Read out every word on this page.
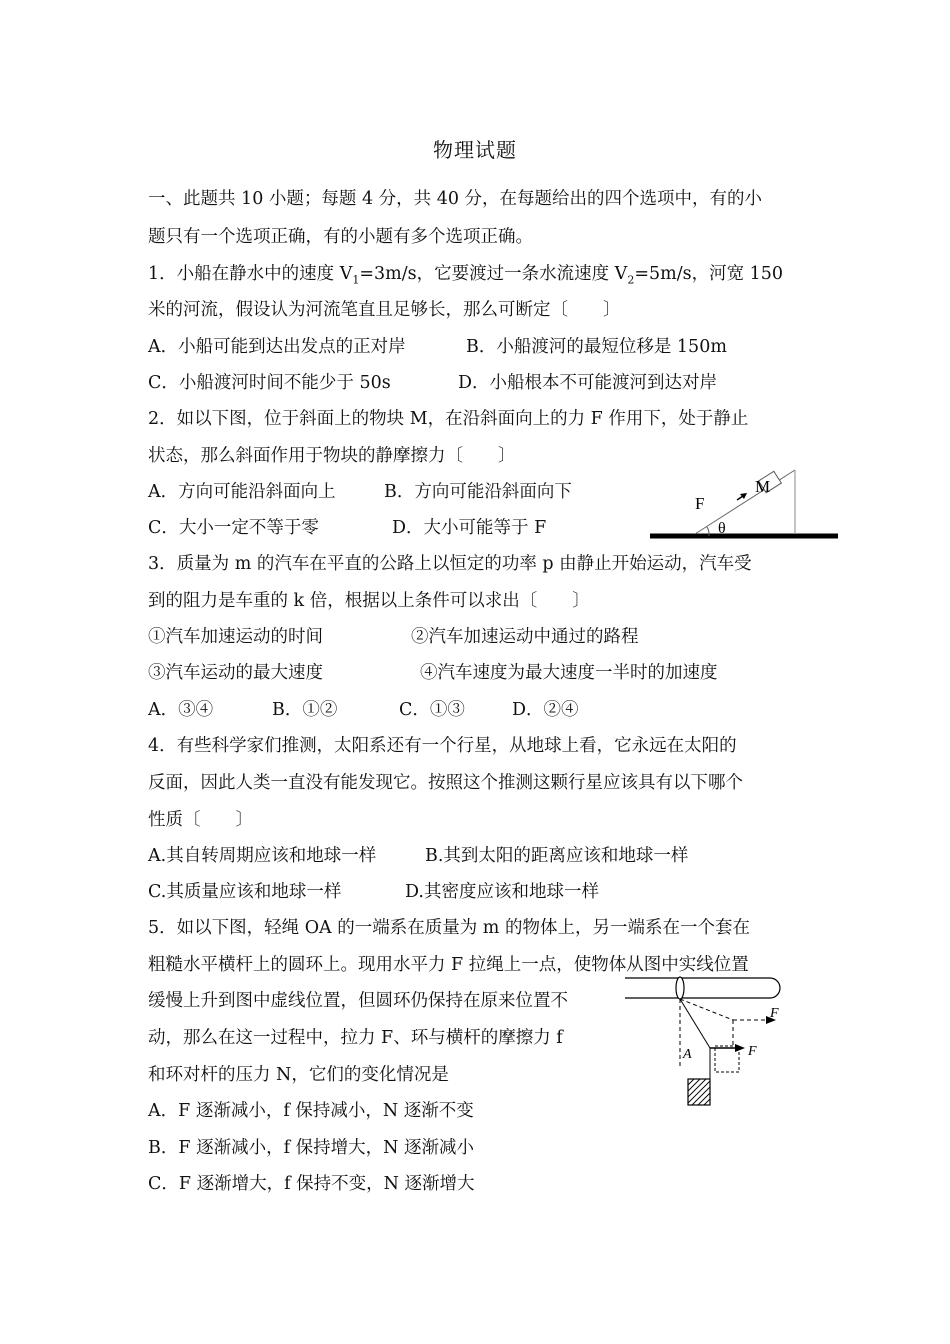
物理试题
一、此题共 10 小题；每题 4 分，共 40 分，在每题给出的四个选项中，有的小
题只有一个选项正确，有的小题有多个选项正确。
1．小船在静水中的速度 $V_1=3m/s$，它要渡过一条水流速度 $V_2=5m/s$，河宽 150
米的河流，假设认为河流笔直且足够长，那么可断定〔　　〕
A．小船可能到达出发点的正对岸	B．小船渡河的最短位移是 150m
C．小船渡河时间不能少于 50s	D．小船根本不可能渡河到达对岸
2．如以下图，位于斜面上的物块 M，在沿斜面向上的力 F 作用下，处于静止
状态，那么斜面作用于物块的静摩擦力〔　　〕
A．方向可能沿斜面向上	B．方向可能沿斜面向下
C．大小一定不等于零	D．大小可能等于 F
F
M
θ
3．质量为 m 的汽车在平直的公路上以恒定的功率 p 由静止开始运动，汽车受
到的阻力是车重的 k 倍，根据以上条件可以求出〔　　〕
①汽车加速运动的时间	②汽车加速运动中通过的路程
③汽车运动的最大速度	④汽车速度为最大速度一半时的加速度
A．③④	B．①②	C．①③	D．②④
4．有些科学家们推测，太阳系还有一个行星，从地球上看，它永远在太阳的
反面，因此人类一直没有能发现它。按照这个推测这颗行星应该具有以下哪个
性质〔　　〕
A.其自转周期应该和地球一样	B.其到太阳的距离应该和地球一样
C.其质量应该和地球一样	D.其密度应该和地球一样
5．如以下图，轻绳 OA 的一端系在质量为 m 的物体上，另一端系在一个套在
粗糙水平横杆上的圆环上。现用水平力 F 拉绳上一点，使物体从图中实线位置
缓慢上升到图中虚线位置，但圆环仍保持在原来位置不
动，那么在这一过程中，拉力 F、环与横杆的摩擦力 f
和环对杆的压力 N，它们的变化情况是
A．F 逐渐减小，f 保持减小，N 逐渐不变
B．F 逐渐减小，f 保持增大，N 逐渐减小
C．F 逐渐增大，f 保持不变，N 逐渐增大
F
F
A
